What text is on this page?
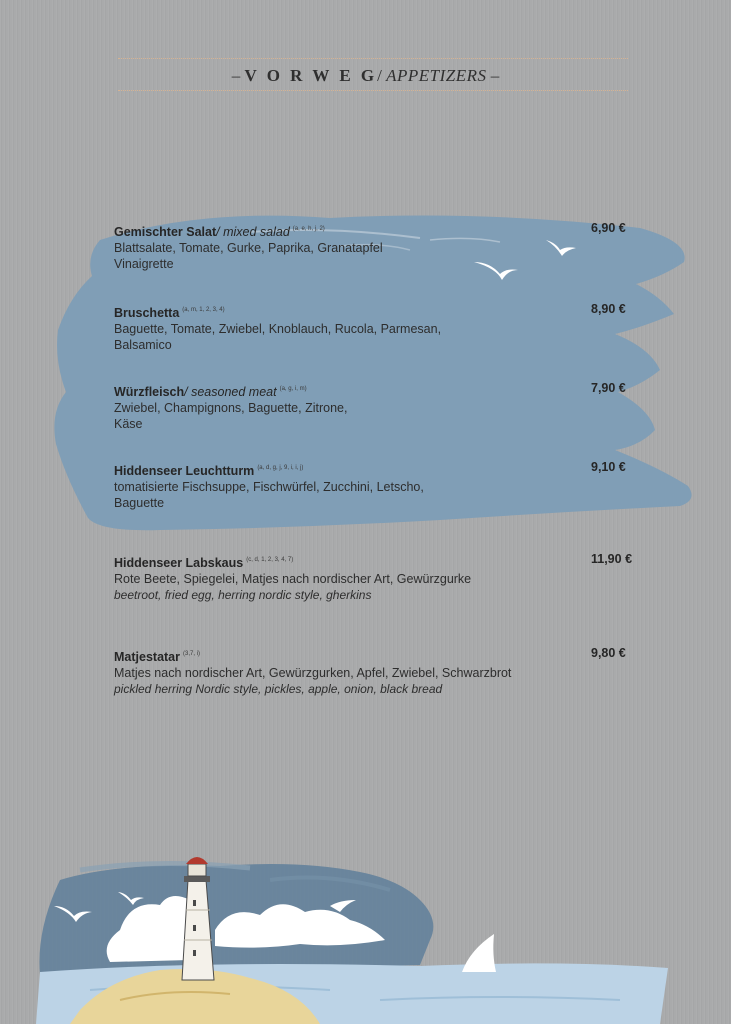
– V O R W E G/ APPETIZERS –
Gemischter Salat/ mixed salad $^{(a, e, h, j, 2)}$
Blattsalate, Tomate, Gurke, Paprika, Granatapfel Vinaigrette
6,90 €
Bruschetta $^{(a, m, 1, 2, 3, 4)}$
Baguette, Tomate, Zwiebel, Knoblauch, Rucola, Parmesan, Balsamico
8,90 €
Würzfleisch/ seasoned meat $^{(a, g, i, m)}$
Zwiebel, Champignons, Baguette, Zitrone, Käse
7,90 €
Hiddenseer Leuchtturm $^{(a, d, g, j, 9, i, i, j)}$
tomatisierte Fischsuppe, Fischwürfel, Zucchini, Letscho, Baguette
9,10 €
Hiddenseer Labskaus $^{(c, d, 1, 2, 3, 4, 7)}$
Rote Beete, Spiegelei, Matjes nach nordischer Art, Gewürzgurke
beetroot, fried egg, herring nordic style, gherkins
11,90 €
Matjestatar $^{(3,7, i)}$
Matjes nach nordischer Art, Gewürzgurken, Apfel, Zwiebel, Schwarzbrot
pickled herring Nordic style, pickles, apple, onion, black bread
9,80 €
